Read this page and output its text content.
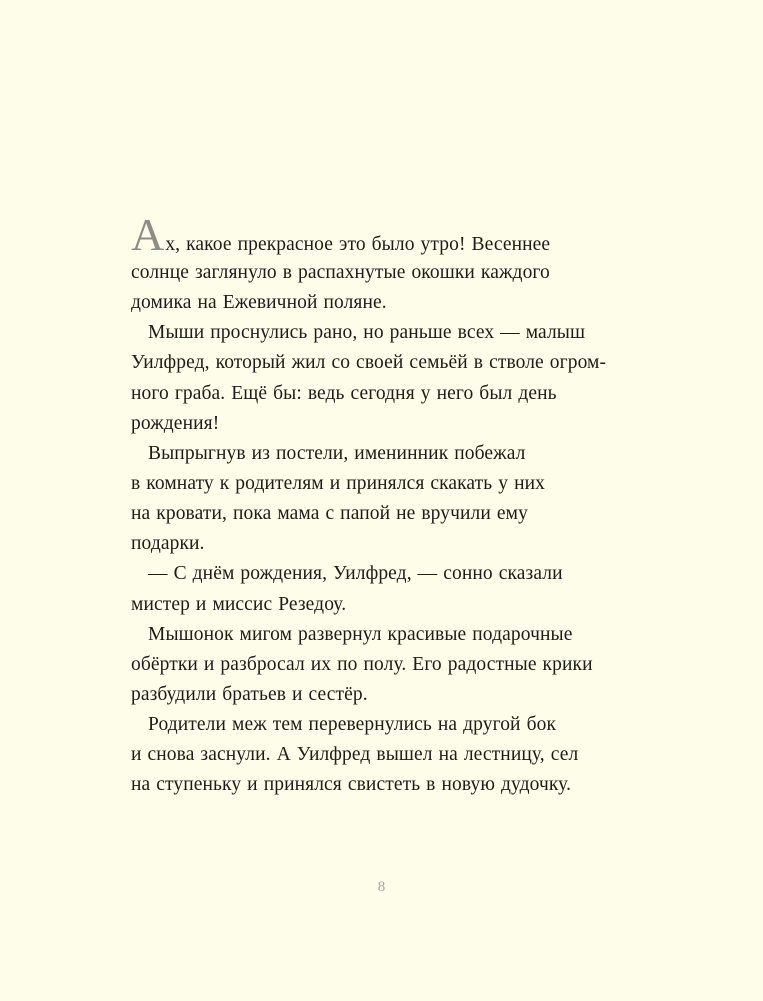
Ах, какое прекрасное это было утро! Весеннее
солнце заглянуло в распахнутые окошки каждого
домика на Ежевичной поляне.
Мыши проснулись рано, но раньше всех — малыш
Уилфред, который жил со своей семьёй в стволе огром-
ного граба. Ещё бы: ведь сегодня у него был день
рождения!
Выпрыгнув из постели, именинник побежал
в комнату к родителям и принялся скакать у них
на кровати, пока мама с папой не вручили ему
подарки.
— С днём рождения, Уилфред, — сонно сказали
мистер и миссис Резедоу.
Мышонок мигом развернул красивые подарочные
обёртки и разбросал их по полу. Его радостные крики
разбудили братьев и сестёр.
Родители меж тем перевернулись на другой бок
и снова заснули. А Уилфред вышел на лестницу, сел
на ступеньку и принялся свистеть в новую дудочку.
8
